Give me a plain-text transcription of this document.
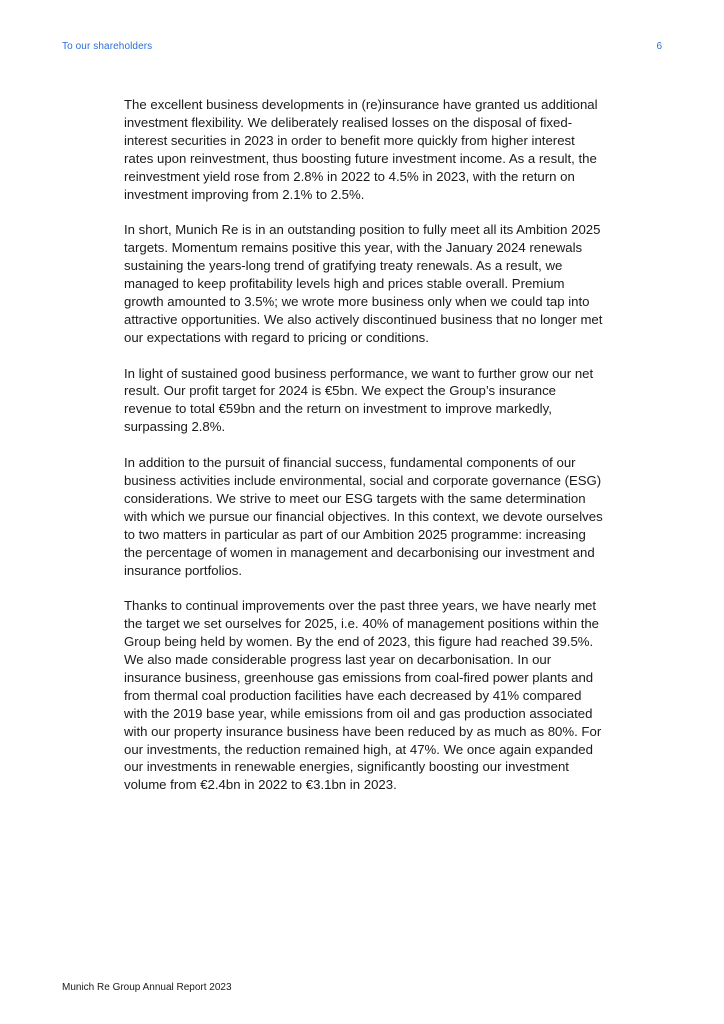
To our shareholders	6

The excellent business developments in (re)insurance have granted us additional investment flexibility. We deliberately realised losses on the disposal of fixed-interest securities in 2023 in order to benefit more quickly from higher interest rates upon reinvestment, thus boosting future investment income. As a result, the reinvestment yield rose from 2.8% in 2022 to 4.5% in 2023, with the return on investment improving from 2.1% to 2.5%.

In short, Munich Re is in an outstanding position to fully meet all its Ambition 2025 targets. Momentum remains positive this year, with the January 2024 renewals sustaining the years-long trend of gratifying treaty renewals. As a result, we managed to keep profitability levels high and prices stable overall. Premium growth amounted to 3.5%; we wrote more business only when we could tap into attractive opportunities. We also actively discontinued business that no longer met our expectations with regard to pricing or conditions.

In light of sustained good business performance, we want to further grow our net result. Our profit target for 2024 is €5bn. We expect the Group’s insurance revenue to total €59bn and the return on investment to improve markedly, surpassing 2.8%.

In addition to the pursuit of financial success, fundamental components of our business activities include environmental, social and corporate governance (ESG) considerations. We strive to meet our ESG targets with the same determination with which we pursue our financial objectives. In this context, we devote ourselves to two matters in particular as part of our Ambition 2025 programme: increasing the percentage of women in management and decarbonising our investment and insurance portfolios.

Thanks to continual improvements over the past three years, we have nearly met the target we set ourselves for 2025, i.e. 40% of management positions within the Group being held by women. By the end of 2023, this figure had reached 39.5%. We also made considerable progress last year on decarbonisation. In our insurance business, greenhouse gas emissions from coal-fired power plants and from thermal coal production facilities have each decreased by 41% compared with the 2019 base year, while emissions from oil and gas production associated with our property insurance business have been reduced by as much as 80%. For our investments, the reduction remained high, at 47%. We once again expanded our investments in renewable energies, significantly boosting our investment volume from €2.4bn in 2022 to €3.1bn in 2023.

Munich Re Group Annual Report 2023
